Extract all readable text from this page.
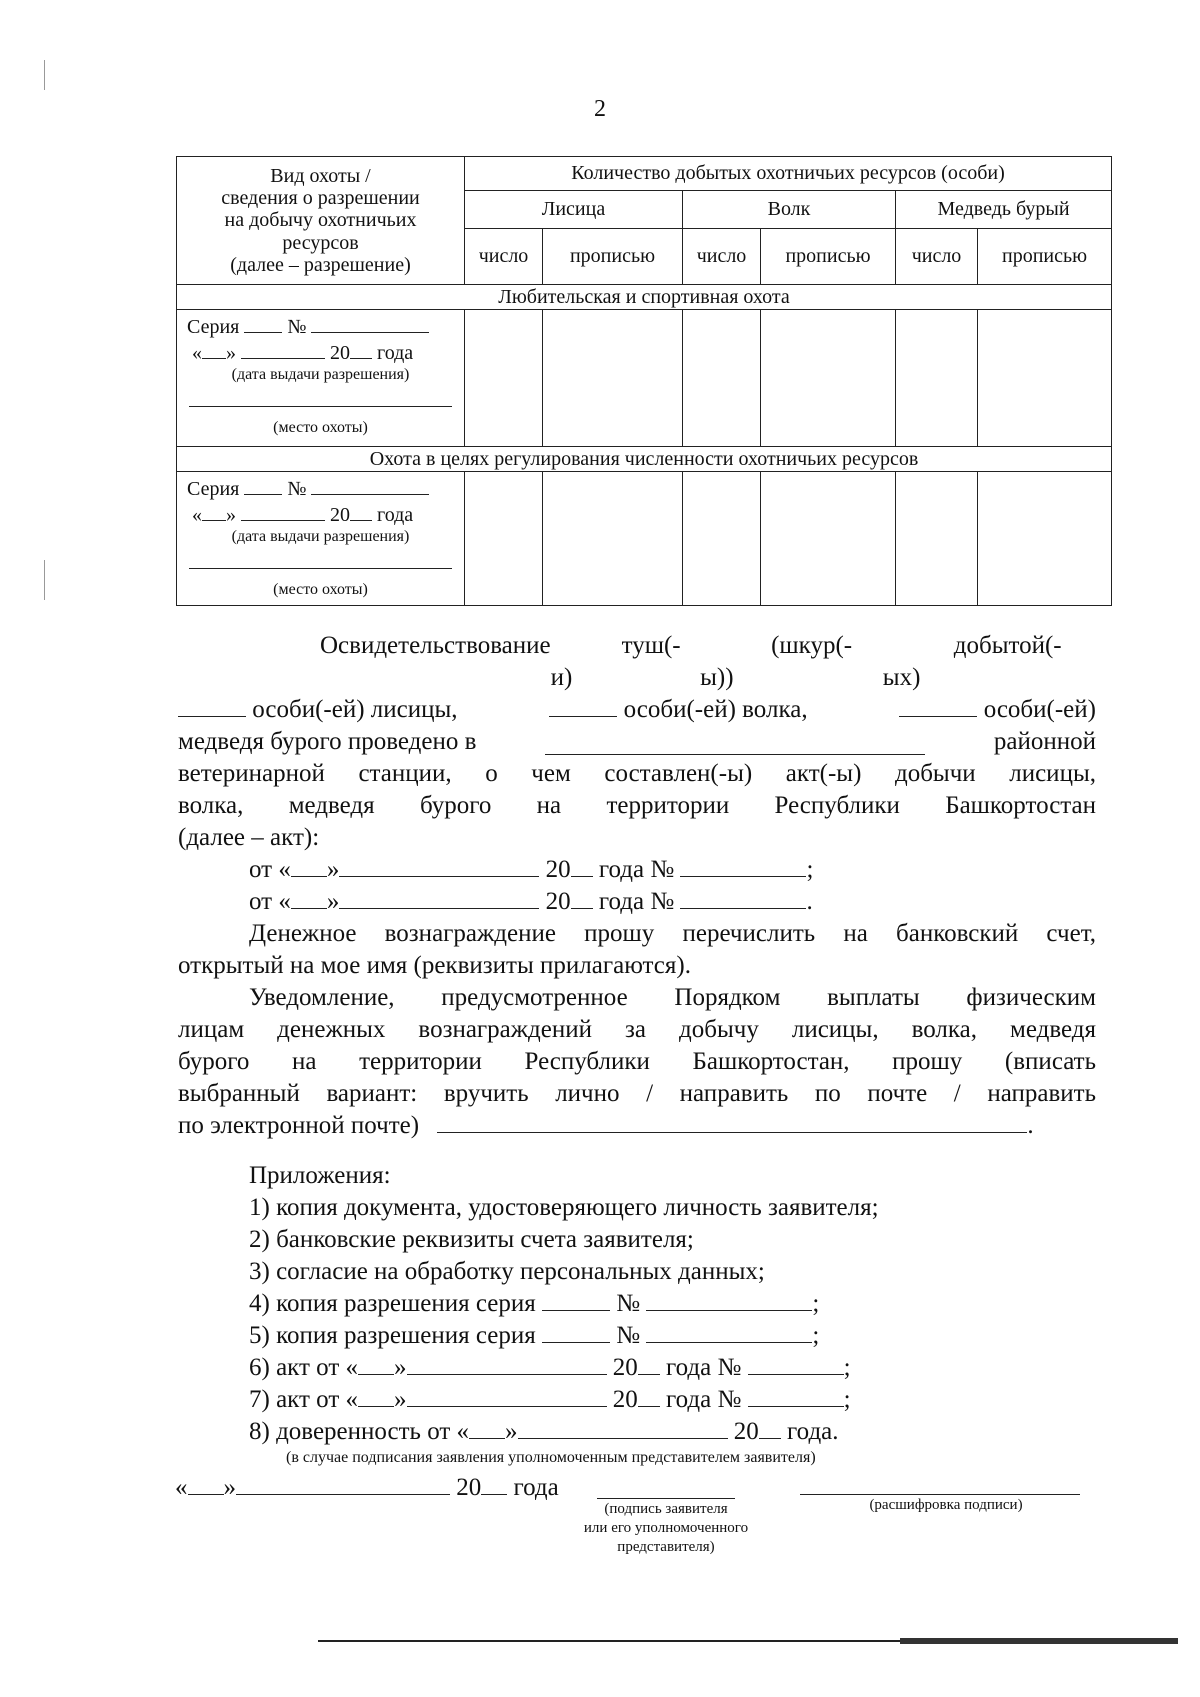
2
Вид охоты /
сведения о разрешении
на добычу охотничьих
ресурсов
(далее – разрешение)	Количество добытых охотничьих ресурсов (особи)					
	Лисица		Волк		Медведь бурый	
	число	прописью	число	прописью	число	прописью
Любительская и спортивная охота						

Серия №
« » 20 года
(дата выдачи разрешения)
(место охоты)						

Охота в целях регулирования численности охотничьих ресурсов						

Серия №
« » 20 года
(дата выдачи разрешения)
(место охоты)						

Освидетельствование	туш(-и)
(шкур(-ы))
добытой(-ых)
особи(-ей) лисицы,	особи(-ей) волка,	особи(-ей)
медведя бурого проведено в	районной
ветеринарной станции, о чем составлен(-ы) акт(-ы) добычи лисицы,
волка, медведя бурого на территории Республики Башкортостан
(далее – акт):
от « »	20 года №	;
от « »	20 года №	.
Денежное вознаграждение прошу перечислить на банковский счет,
открытый на мое имя (реквизиты прилагаются).
Уведомление, предусмотренное Порядком выплаты физическим
лицам денежных вознаграждений за добычу лисицы, волка, медведя
бурого на территории Республики Башкортостан, прошу (вписать
выбранный вариант: вручить лично / направить по почте / направить
по электронной почте)	.
Приложения:
1) копия документа, удостоверяющего личность заявителя;
2) банковские реквизиты счета заявителя;
3) согласие на обработку персональных данных;
4) копия разрешения серия	№	;
5) копия разрешения серия	№	;
6) акт от « »	20 года №	;
7) акт от « »	20 года №	;
8) доверенность от « »	20 года.
(в случае подписания заявления уполномоченным представителем заявителя)
« »	20 года
(подпись заявителя
или его уполномоченного
представителя)
(расшифровка подписи)
